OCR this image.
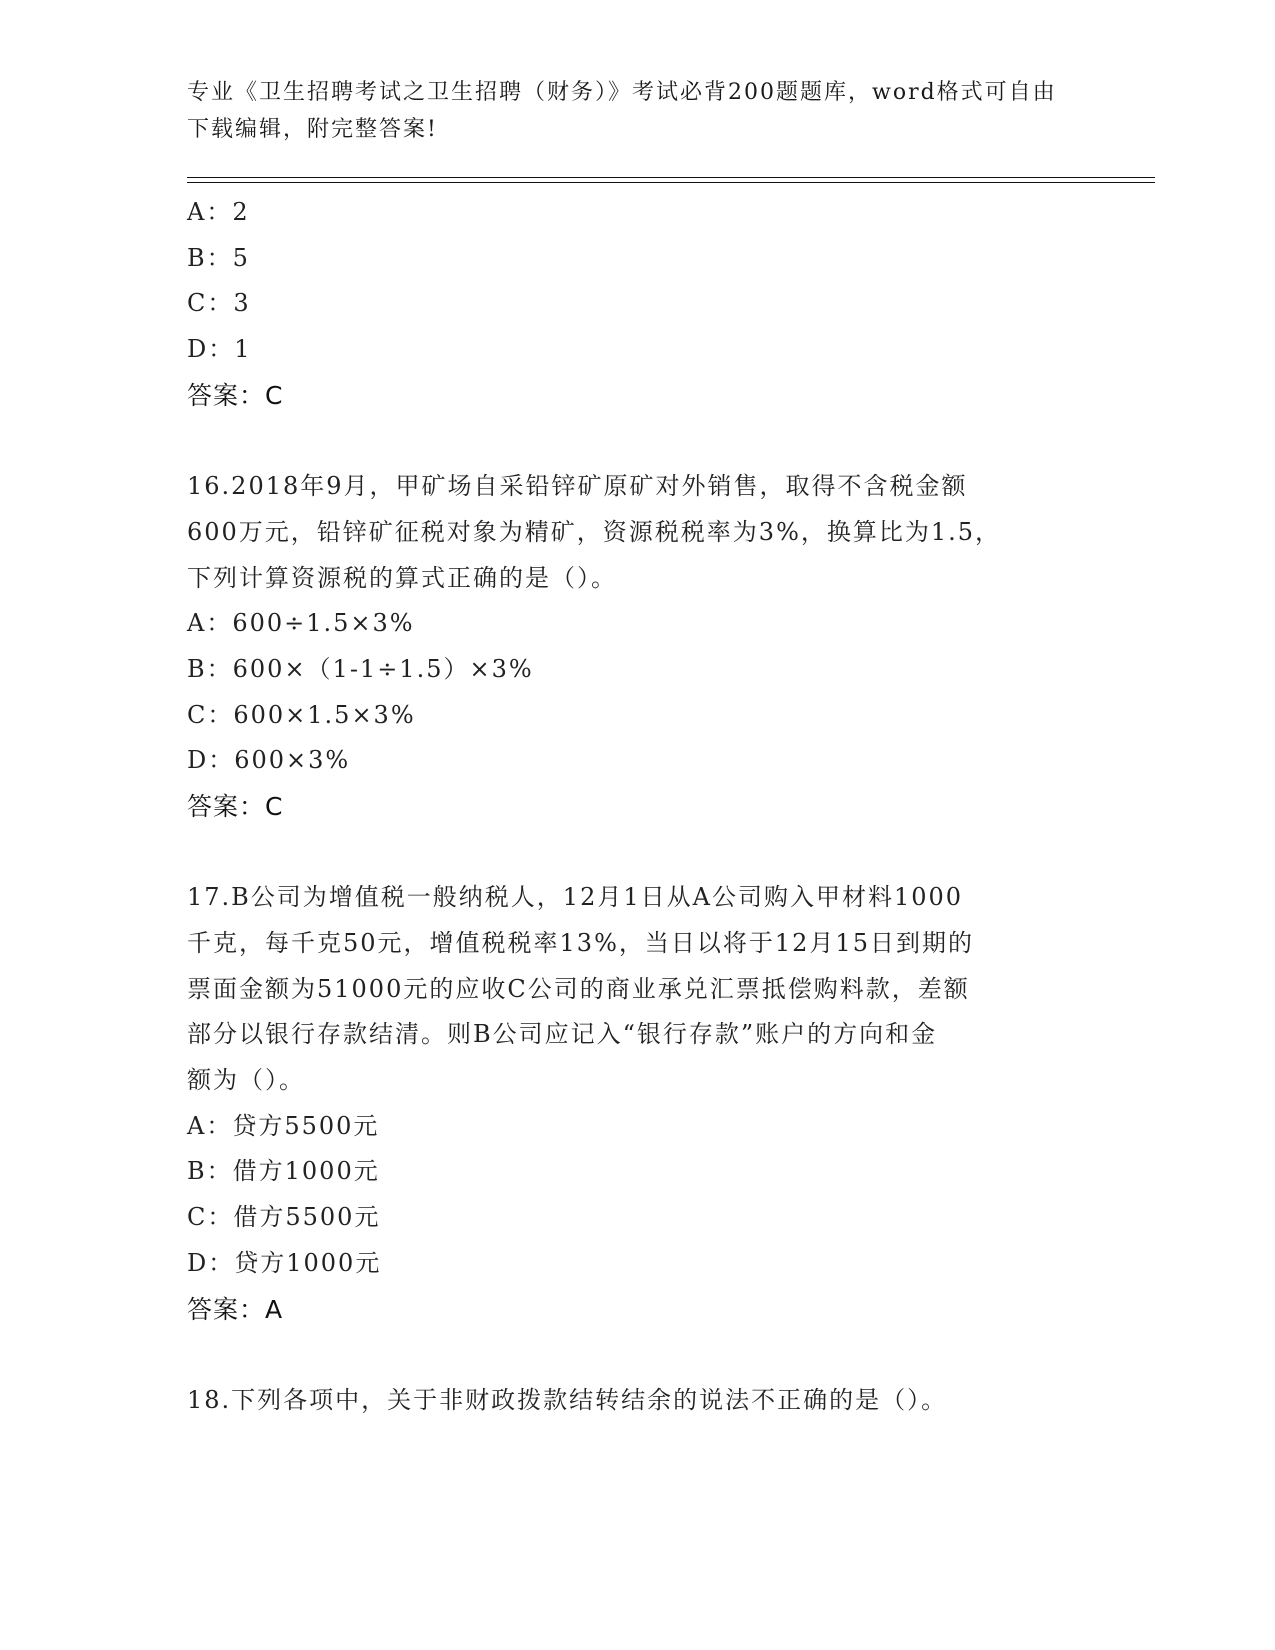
专业《卫生招聘考试之卫生招聘（财务）》考试必背200题题库，word格式可自由下载编辑，附完整答案!
A：2
B：5
C：3
D：1
答案：C
16.2018年9月，甲矿场自采铅锌矿原矿对外销售，取得不含税金额
600万元，铅锌矿征税对象为精矿，资源税税率为3%，换算比为1.5，
下列计算资源税的算式正确的是（）。
A：600÷1.5×3%
B：600×（1-1÷1.5）×3%
C：600×1.5×3%
D：600×3%
答案：C
17.B公司为增值税一般纳税人，12月1日从A公司购入甲材料1000
千克，每千克50元，增值税税率13%，当日以将于12月15日到期的
票面金额为51000元的应收C公司的商业承兑汇票抵偿购料款，差额
部分以银行存款结清。则B公司应记入“银行存款”账户的方向和金
额为（）。
A：贷方5500元
B：借方1000元
C：借方5500元
D：贷方1000元
答案：A
18.下列各项中，关于非财政拨款结转结余的说法不正确的是（）。
